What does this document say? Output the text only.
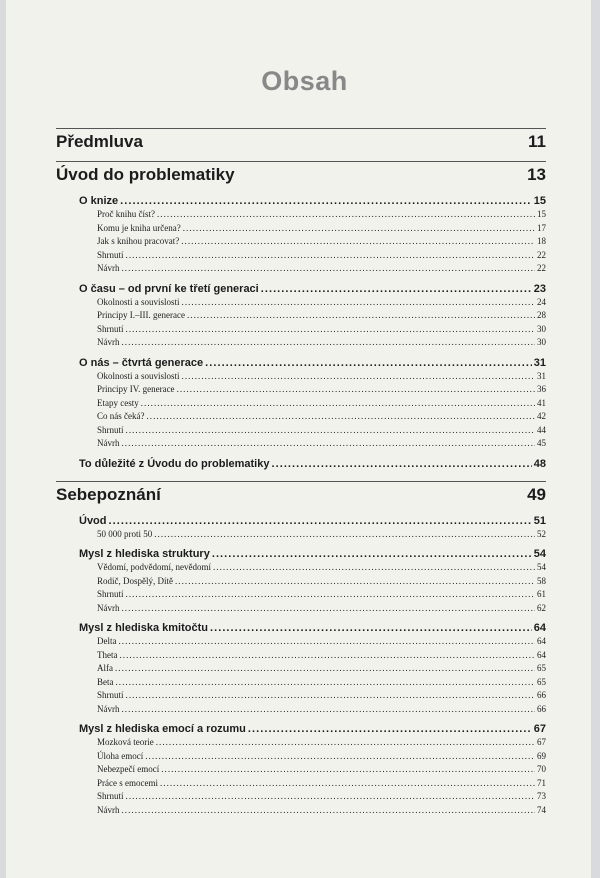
Obsah
Předmluva	11
Úvod do problematiky	13
O knize . . .	15
Proč knihu číst? . . .	15
Komu je kniha určena? . . .	17
Jak s knihou pracovat? . . .	18
Shrnutí . . .	22
Návrh . . .	22
O času – od první ke třetí generaci . . .	23
Okolnosti a souvislosti . . .	24
Principy I.–III. generace . . .	28
Shrnutí . . .	30
Návrh . . .	30
O nás – čtvrtá generace . . .	31
Okolnosti a souvislosti . . .	31
Principy IV. generace . . .	36
Etapy cesty . . .	41
Co nás čeká? . . .	42
Shrnutí . . .	44
Návrh . . .	45
To důležité z Úvodu do problematiky . . .	48
Sebepoznání	49
Úvod . . .	51
50 000 proti 50 . . .	52
Mysl z hlediska struktury . . .	54
Vědomí, podvědomí, nevědomí . . .	54
Rodič, Dospělý, Dítě . . .	58
Shrnutí . . .	61
Návrh . . .	62
Mysl z hlediska kmitočtu . . .	64
Delta . . .	64
Theta . . .	64
Alfa . . .	65
Beta . . .	65
Shrnutí . . .	66
Návrh . . .	66
Mysl z hlediska emocí a rozumu . . .	67
Mozková teorie . . .	67
Úloha emocí . . .	69
Nebezpečí emocí . . .	70
Práce s emocemi . . .	71
Shrnutí . . .	73
Návrh . . .	74
